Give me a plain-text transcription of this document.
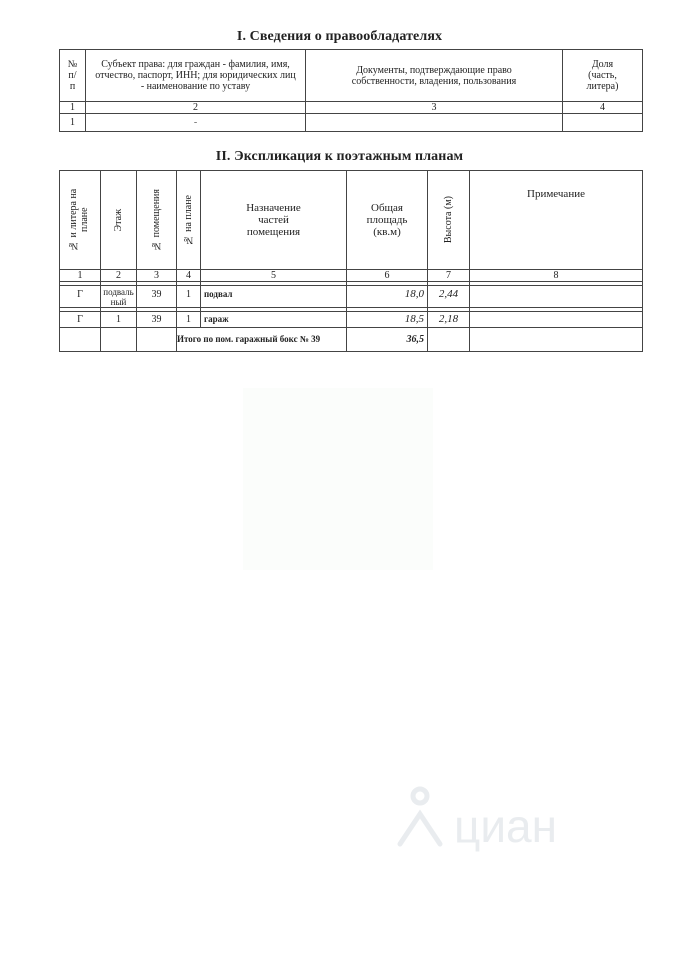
I. Сведения о правообладателях
№ п/п	Субъект права: для граждан - фамилия, имя, отчество, паспорт, ИНН; для юридических лиц - наименование по уставу	Документы, подтверждающие право собственности, владения, пользования	Доля (часть, литера)
1	2	3	4
1	-		
II. Экспликация к поэтажным планам
№ и литера на плане	Этаж	№ помещения	№ на плане	Назначение частей помещения	Общая площадь (кв.м)	Высота (м)	Примечание
1	2	3	4	5	6	7	8

Г	подваль ный	39	1	подвал	18,0	2,44	

Г	1	39	1	гараж	18,5	2,18	
			Итого по пом. гаражный бокс № 39		36,5		
циан
